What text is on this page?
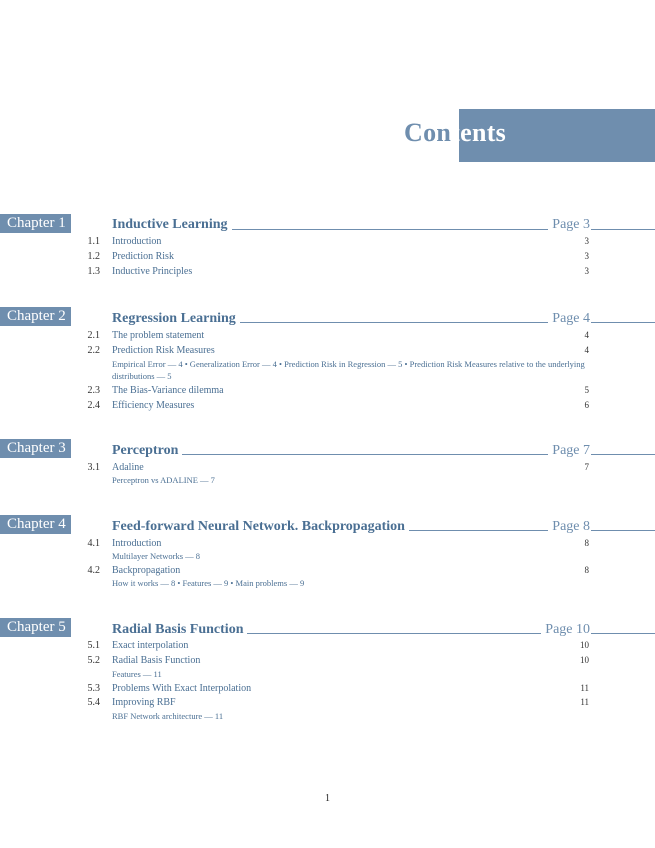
Contents
Chapter 1	Inductive Learning	Page 3
1.1 Introduction	3
1.2 Prediction Risk	3
1.3 Inductive Principles	3
Chapter 2	Regression Learning	Page 4
2.1 The problem statement	4
2.2 Prediction Risk Measures	4
Empirical Error — 4 • Generalization Error — 4 • Prediction Risk in Regression — 5 • Prediction Risk Measures relative to the underlying distributions — 5
2.3 The Bias-Variance dilemma	5
2.4 Efficiency Measures	6
Chapter 3	Perceptron	Page 7
3.1 Adaline	7
Perceptron vs ADALINE — 7
Chapter 4	Feed-forward Neural Network. Backpropagation	Page 8
4.1 Introduction	8
Multilayer Networks — 8
4.2 Backpropagation	8
How it works — 8 • Features — 9 • Main problems — 9
Chapter 5	Radial Basis Function	Page 10
5.1 Exact interpolation	10
5.2 Radial Basis Function	10
Features — 11
5.3 Problems With Exact Interpolation	11
5.4 Improving RBF	11
RBF Network architecture — 11
1
